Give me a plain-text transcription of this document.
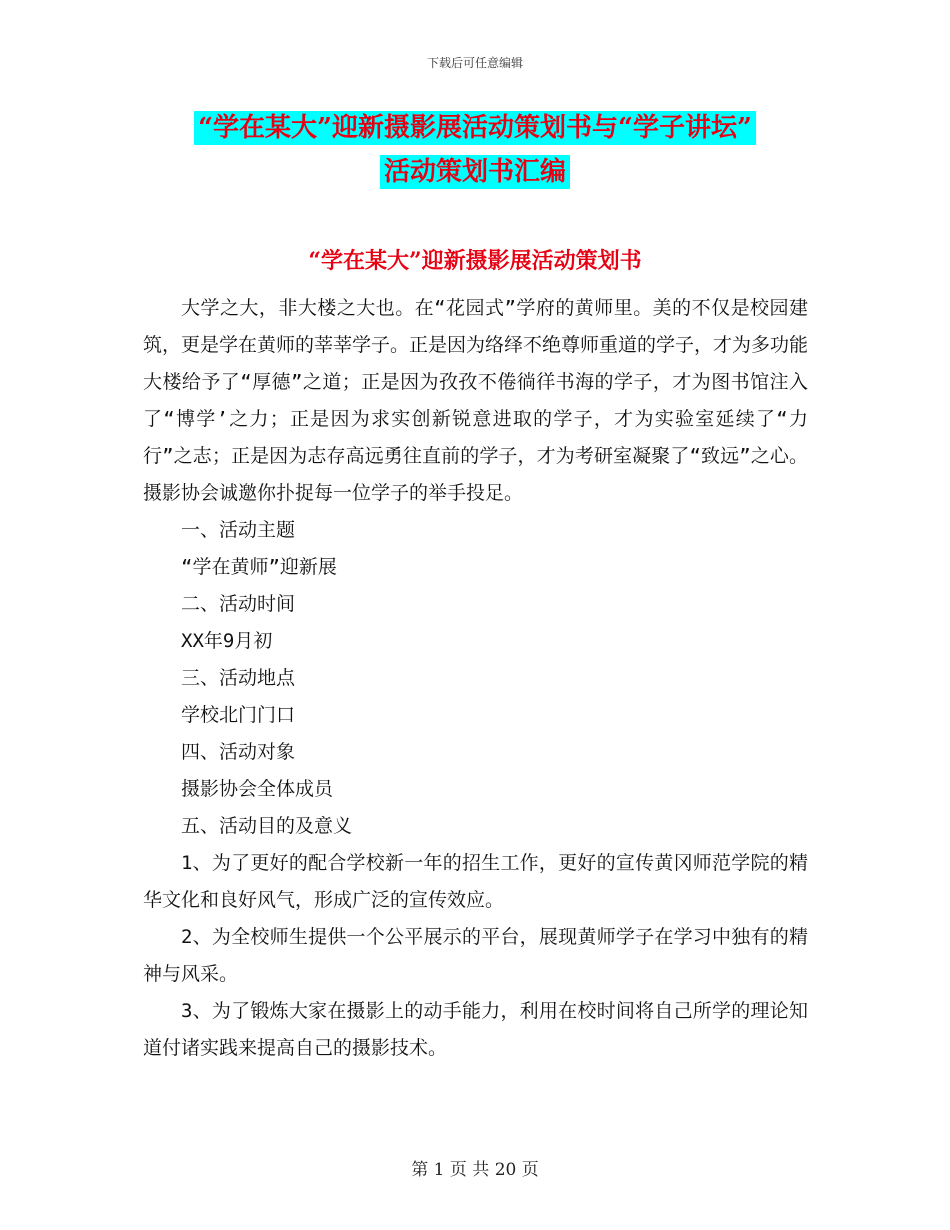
下载后可任意编辑
“学在某大”迎新摄影展活动策划书与“学子讲坛”
活动策划书汇编
“学在某大”迎新摄影展活动策划书

大学之大，非大楼之大也。在“花园式”学府的黄师里。美的不仅是校园建筑，更是学在黄师的莘莘学子。正是因为络绎不绝尊师重道的学子，才为多功能大楼给予了“厚德”之道；正是因为孜孜不倦徜徉书海的学子，才为图书馆注入了“博学’之力；正是因为求实创新锐意进取的学子，才为实验室延续了“力行”之志；正是因为志存高远勇往直前的学子，才为考研室凝聚了“致远”之心。摄影协会诚邀你扑捉每一位学子的举手投足。

一、活动主题

“学在黄师”迎新展

二、活动时间

XX年9月初

三、活动地点

学校北门门口

四、活动对象

摄影协会全体成员

五、活动目的及意义

1、为了更好的配合学校新一年的招生工作，更好的宣传黄冈师范学院的精华文化和良好风气，形成广泛的宣传效应。

2、为全校师生提供一个公平展示的平台，展现黄师学子在学习中独有的精神与风采。

3、为了锻炼大家在摄影上的动手能力，利用在校时间将自己所学的理论知道付诸实践来提高自己的摄影技术。

第 1 页 共 20 页
